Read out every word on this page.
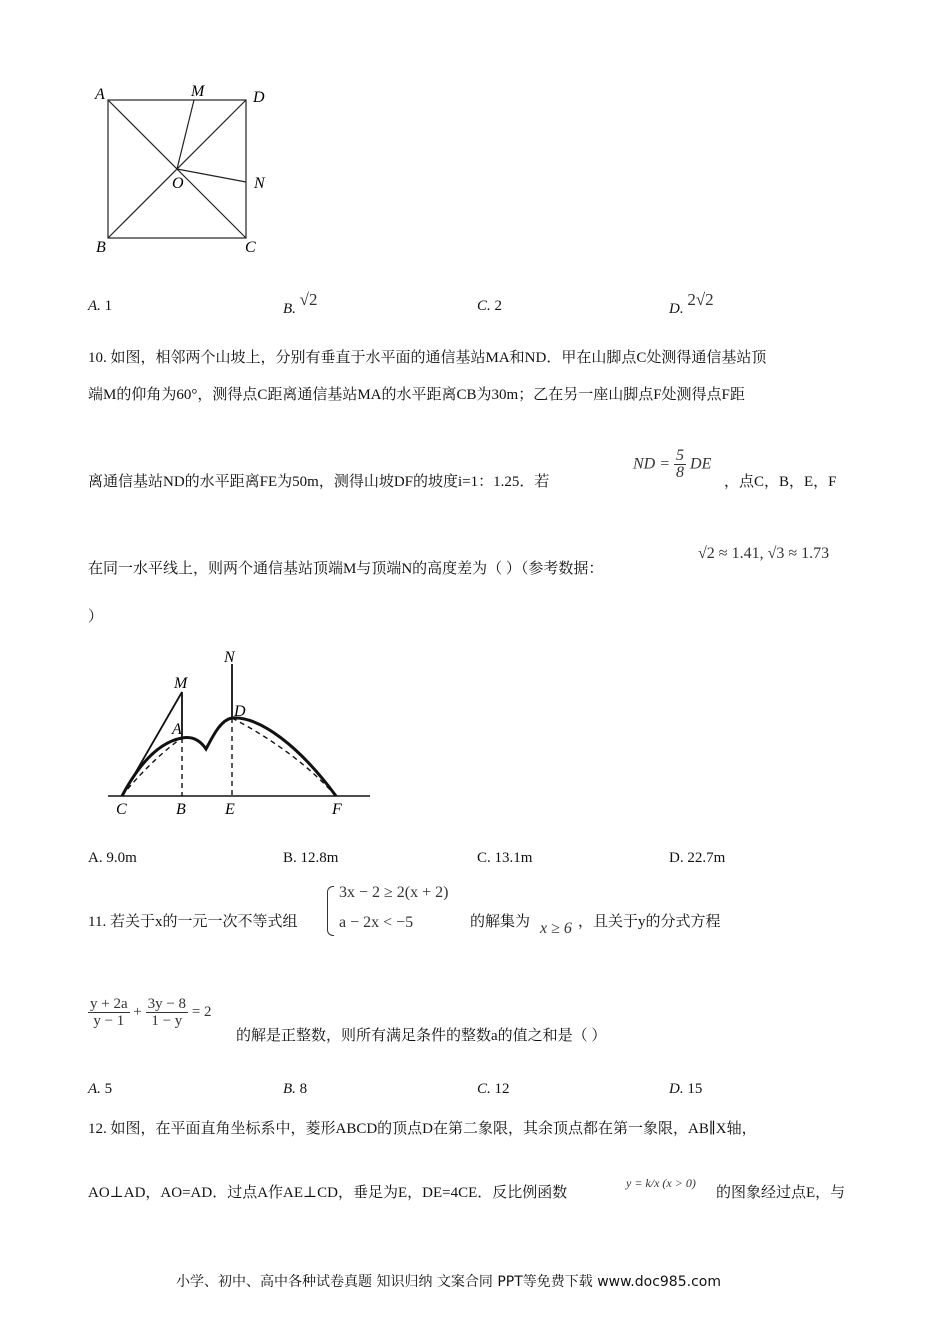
A	M	D
O	N
B	C
A. 1	B. √2	C. 2	D. 2√2
10. 如图，相邻两个山坡上，分别有垂直于水平面的通信基站MA和ND．甲在山脚点C处测得通信基站顶
端M的仰角为60°，测得点C距离通信基站MA的水平距离CB为30m；乙在另一座山脚点F处测得点F距
离通信基站ND的水平距离FE为50m，测得山坡DF的坡度i=1：1.25．若
ND = $\frac{5}{8}$ DE
，点C，B，E，F
在同一水平线上，则两个通信基站顶端M与顶端N的高度差为（ ）（参考数据：
√2 ≈ 1.41, √3 ≈ 1.73
）
M
N
A
D
C	B E	F
A. 9.0m	B. 12.8m	C. 13.1m	D. 22.7m
11. 若关于x的一元一次不等式组
3x − 2 ≥ 2(x + 2)
a − 2x < −5	的解集为 x ≥ 6 ，且关于y的分式方程
$\frac{y + 2a}{y - 1} + \frac{3y - 8}{1 - y} = 2$
的解是正整数，则所有满足条件的整数a的值之和是（ ）
A. 5	B. 8	C. 12	D. 15
12. 如图，在平面直角坐标系中，菱形ABCD的顶点D在第二象限，其余顶点都在第一象限，AB∥X轴，
AO⊥AD，AO=AD．过点A作AE⊥CD，垂足为E，DE=4CE．反比例函数
y = k/x (x > 0)
的图象经过点E，与
小学、初中、高中各种试卷真题 知识归纳 文案合同 PPT等免费下载 www.doc985.com
